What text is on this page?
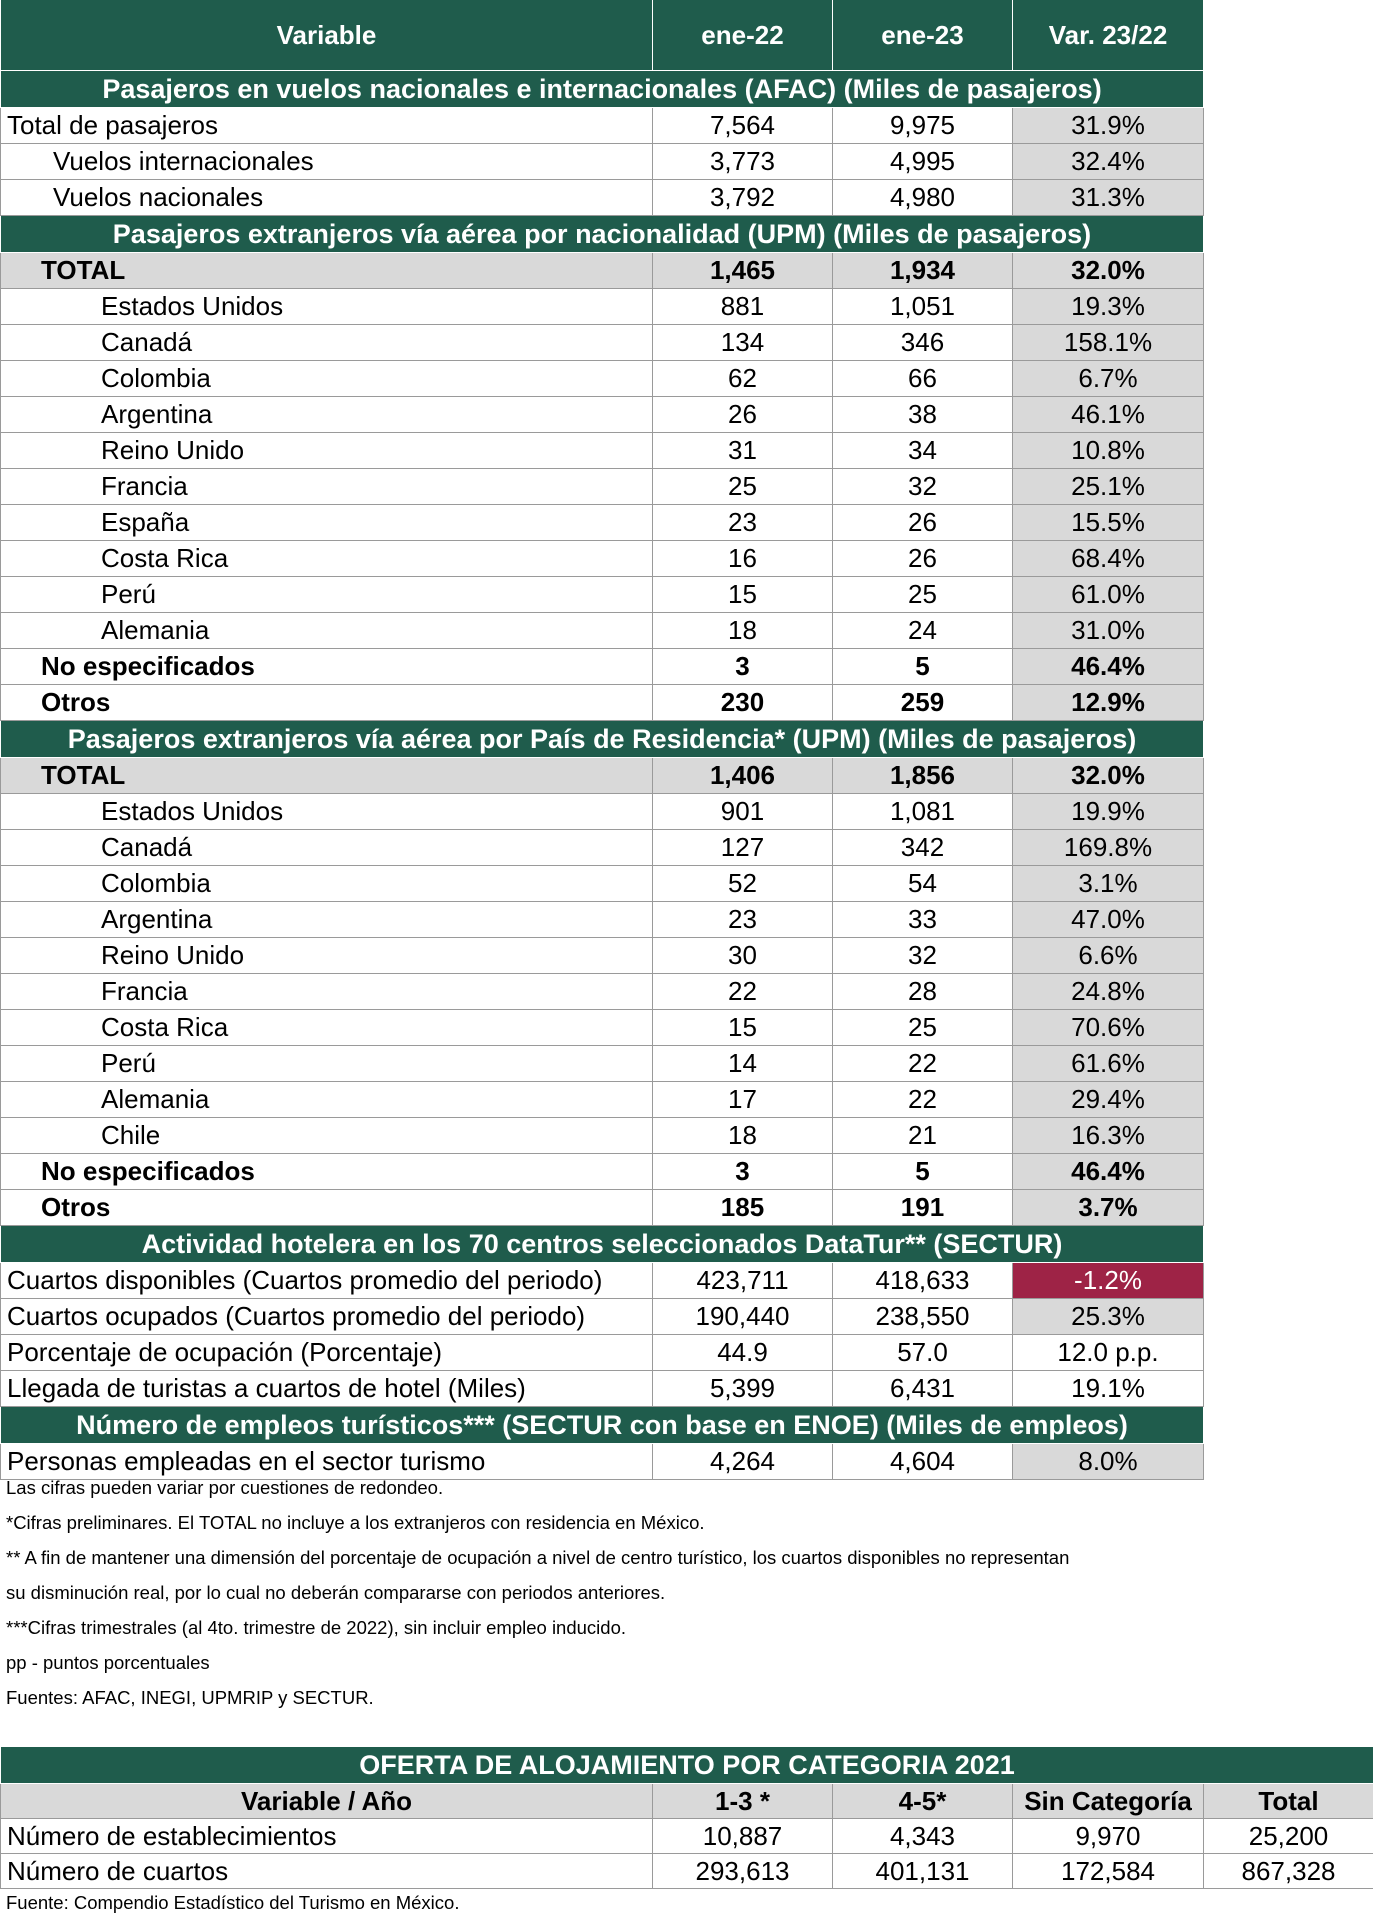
Variable	ene-22	ene-23	Var. 23/22
Pasajeros en vuelos nacionales e internacionales (AFAC) (Miles de pasajeros)			
Total de pasajeros	7,564	9,975	31.9%
Vuelos internacionales	3,773	4,995	32.4%
Vuelos nacionales	3,792	4,980	31.3%
Pasajeros extranjeros vía aérea por nacionalidad (UPM) (Miles de pasajeros)			
TOTAL	1,465	1,934	32.0%
Estados Unidos	881	1,051	19.3%
Canadá	134	346	158.1%
Colombia	62	66	6.7%
Argentina	26	38	46.1%
Reino Unido	31	34	10.8%
Francia	25	32	25.1%
España	23	26	15.5%
Costa Rica	16	26	68.4%
Perú	15	25	61.0%
Alemania	18	24	31.0%
No especificados	3	5	46.4%
Otros	230	259	12.9%
Pasajeros extranjeros vía aérea por País de Residencia* (UPM) (Miles de pasajeros)			
TOTAL	1,406	1,856	32.0%
Estados Unidos	901	1,081	19.9%
Canadá	127	342	169.8%
Colombia	52	54	3.1%
Argentina	23	33	47.0%
Reino Unido	30	32	6.6%
Francia	22	28	24.8%
Costa Rica	15	25	70.6%
Perú	14	22	61.6%
Alemania	17	22	29.4%
Chile	18	21	16.3%
No especificados	3	5	46.4%
Otros	185	191	3.7%
Actividad hotelera en los 70 centros seleccionados DataTur** (SECTUR)			
Cuartos disponibles (Cuartos promedio del periodo)	423,711	418,633	-1.2%
Cuartos ocupados (Cuartos promedio del periodo)	190,440	238,550	25.3%
Porcentaje de ocupación (Porcentaje)	44.9	57.0	12.0 p.p.
Llegada de turistas a cuartos de hotel (Miles)	5,399	6,431	19.1%
Número de empleos turísticos*** (SECTUR con base en ENOE) (Miles de empleos)			
Personas empleadas en el sector turismo	4,264	4,604	8.0%
Las cifras pueden variar por cuestiones de redondeo.
*Cifras preliminares. El TOTAL no incluye a los extranjeros con residencia en México.
** A fin de mantener una dimensión del porcentaje de ocupación a nivel de centro turístico, los cuartos disponibles no representan
su disminución real, por lo cual no deberán compararse con periodos anteriores.
***Cifras trimestrales (al 4to. trimestre de 2022), sin incluir empleo inducido.
pp - puntos porcentuales
Fuentes: AFAC, INEGI, UPMRIP y SECTUR.
OFERTA DE ALOJAMIENTO POR CATEGORIA 2021				
Variable / Año	1-3 *	4-5*	Sin Categoría	Total
Número de establecimientos	10,887	4,343	9,970	25,200
Número de cuartos	293,613	401,131	172,584	867,328
Fuente: Compendio Estadístico del Turismo en México.
